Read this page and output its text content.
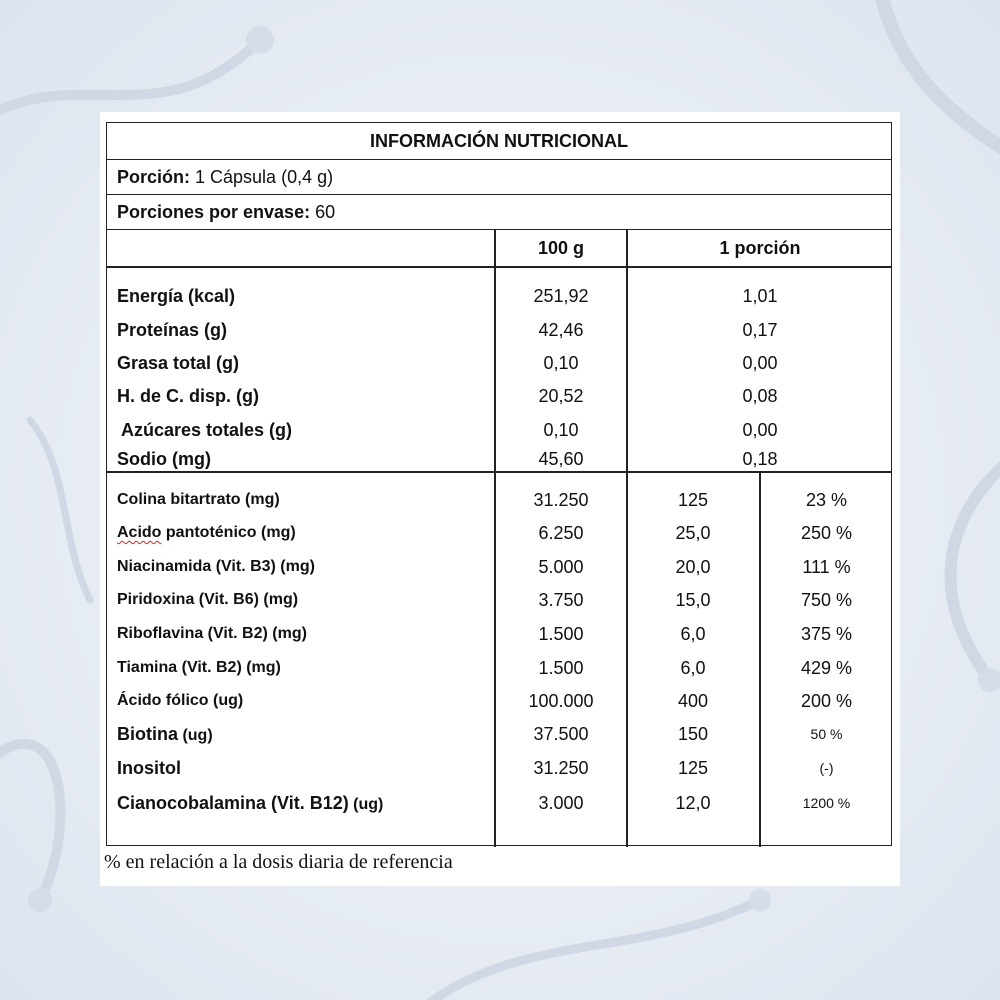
INFORMACIÓN NUTRICIONAL
Porción: 1 Cápsula (0,4 g)
Porciones por envase: 60
100 g	1 porción
Energía (kcal)	251,92	1,01
Proteínas (g)	42,46	0,17
Grasa total (g)	0,10	0,00
H. de C. disp. (g)	20,52	0,08
Azúcares totales (g)	0,10	0,00
Sodio (mg)	45,60	0,18
Colina bitartrato (mg)	31.250	125	23 %
Acido pantoténico (mg)	6.250	25,0	250 %
Niacinamida (Vit. B3) (mg)	5.000	20,0	111 %
Piridoxina (Vit. B6) (mg)	3.750	15,0	750 %
Riboflavina (Vit. B2) (mg)	1.500	6,0	375 %
Tiamina (Vit. B2) (mg)	1.500	6,0	429 %
Ácido fólico (ug)	100.000	400	200 %
Biotina (ug)	37.500	150	50 %
Inositol	31.250	125	(-)
Cianocobalamina (Vit. B12) (ug)	3.000	12,0	1200 %
% en relación a la dosis diaria de referencia
